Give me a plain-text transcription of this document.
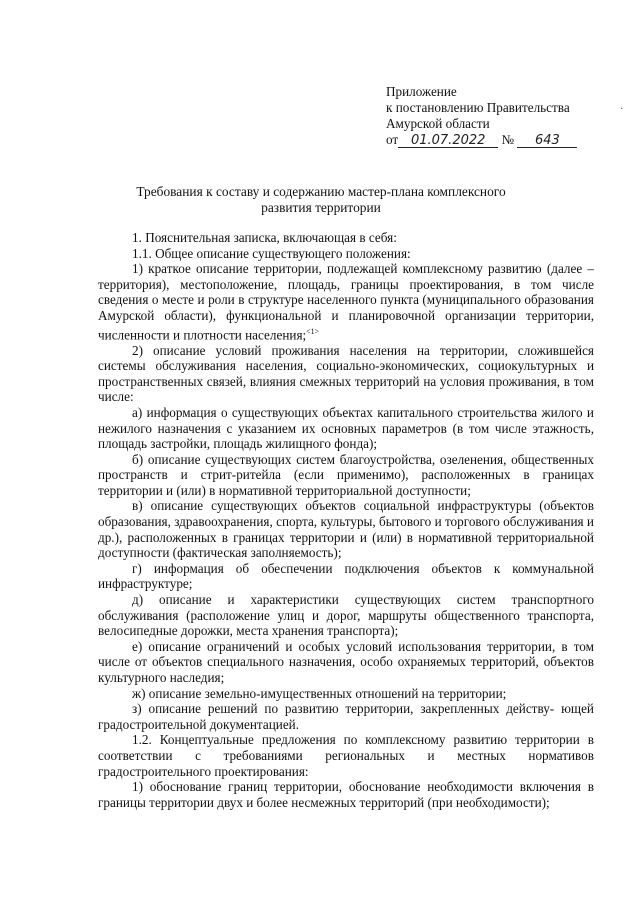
Приложение
к постановлению Правительства
Амурской области
от 01.07.2022 № 643
·
Требования к составу и содержанию мастер-плана комплексного развития территории

1. Пояснительная записка, включающая в себя:

1.1. Общее описание существующего положения:

1) краткое описание территории, подлежащей комплексному развитию (далее – территория), местоположение, площадь, границы проектирования, в том числе сведения о месте и роли в структуре населенного пункта (муниципального образования Амурской области), функциональной и планировочной организации территории, численности и плотности населения;$^{<1>}$

2) описание условий проживания населения на территории, сложившейся системы обслуживания населения, социально-экономических, социокультурных и пространственных связей, влияния смежных территорий на условия проживания, в том числе:

а) информация о существующих объектах капитального строительства жилого и нежилого назначения с указанием их основных параметров (в том числе этажность, площадь застройки, площадь жилищного фонда);

б) описание существующих систем благоустройства, озеленения, общественных пространств и стрит-ритейла (если применимо), расположенных в границах территории и (или) в нормативной территориальной доступности;

в) описание существующих объектов социальной инфраструктуры (объектов образования, здравоохранения, спорта, культуры, бытового и торгового обслуживания и др.), расположенных в границах территории и (или) в нормативной территориальной доступности (фактическая заполняемость);

г) информация об обеспечении подключения объектов к коммунальной инфраструктуре;

д) описание и характеристики существующих систем транспортного обслуживания (расположение улиц и дорог, маршруты общественного транспорта, велосипедные дорожки, места хранения транспорта);

е) описание ограничений и особых условий использования территории, в том числе от объектов специального назначения, особо охраняемых территорий, объектов культурного наследия;

ж) описание земельно-имущественных отношений на территории;

з) описание решений по развитию территории, закрепленных действу- ющей градостроительной документацией.

1.2. Концептуальные предложения по комплексному развитию территории в соответствии с требованиями региональных и местных нормативов градостроительного проектирования:

1) обоснование границ территории, обоснование необходимости включения в границы территории двух и более несмежных территорий (при необходимости);
